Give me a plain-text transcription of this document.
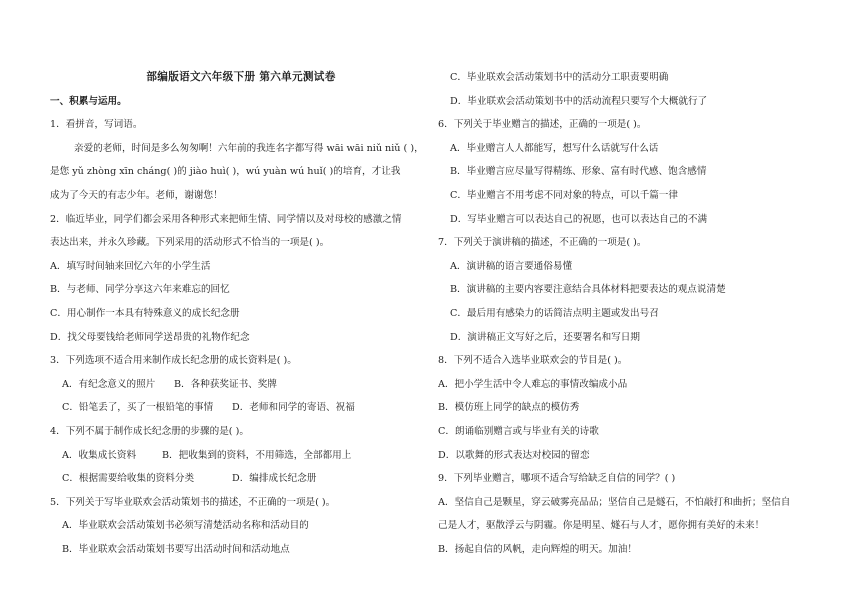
部编版语文六年级下册 第六单元测试卷
一、积累与运用。
1．看拼音，写词语。
亲爱的老师，时间是多么匆匆啊！六年前的我连名字都写得 wāi wāi niǔ niǔ ( )，
是您 yǔ zhòng xīn cháng( )的 jiào huì( )，wú yuàn wú huǐ( )的培育，才让我
成为了今天的有志少年。老师，谢谢您！
2．临近毕业，同学们都会采用各种形式来把师生情、同学情以及对母校的感激之情
表达出来，并永久珍藏。下列采用的活动形式不恰当的一项是( )。
A．填写时间轴来回忆六年的小学生活
B．与老师、同学分享这六年来难忘的回忆
C．用心制作一本具有特殊意义的成长纪念册
D．找父母要钱给老师同学送昂贵的礼物作纪念
3．下列选项不适合用来制作成长纪念册的成长资料是( )。
A．有纪念意义的照片 B．各种获奖证书、奖牌
C．铅笔丢了，买了一根铅笔的事情 D．老师和同学的寄语、祝福
4．下列不属于制作成长纪念册的步骤的是( )。
A．收集成长资料	B．把收集到的资料，不用筛选，全部都用上
C．根据需要给收集的资料分类	D．编排成长纪念册
5．下列关于写毕业联欢会活动策划书的描述，不正确的一项是( )。
A．毕业联欢会活动策划书必须写清楚活动名称和活动目的
B．毕业联欢会活动策划书要写出活动时间和活动地点
C．毕业联欢会活动策划书中的活动分工职责要明确
D．毕业联欢会活动策划书中的活动流程只要写个大概就行了
6．下列关于毕业赠言的描述，正确的一项是( )。
A．毕业赠言人人都能写，想写什么话就写什么话
B．毕业赠言应尽量写得精练、形象、富有时代感、饱含感情
C．毕业赠言不用考虑不同对象的特点，可以千篇一律
D．写毕业赠言可以表达自己的祝愿，也可以表达自己的不满
7．下列关于演讲稿的描述，不正确的一项是( )。
A．演讲稿的语言要通俗易懂
B．演讲稿的主要内容要注意结合具体材料把要表达的观点说清楚
C．最后用有感染力的话简洁点明主题或发出号召
D．演讲稿正文写好之后，还要署名和写日期
8．下列不适合入选毕业联欢会的节目是( )。
A．把小学生活中令人难忘的事情改编成小品
B．模仿班上同学的缺点的模仿秀
C．朗诵临别赠言或与毕业有关的诗歌
D．以歌舞的形式表达对校园的留恋
9．下列毕业赠言，哪项不适合写给缺乏自信的同学？( )
A．坚信自己是颗星，穿云破雾亮品品；坚信自己是燧石，不怕敲打和曲折；坚信自
己是人才，驱散浮云与阴霾。你是明星、燧石与人才，愿你拥有美好的未来！
B．扬起自信的风帆，走向辉煌的明天。加油！
